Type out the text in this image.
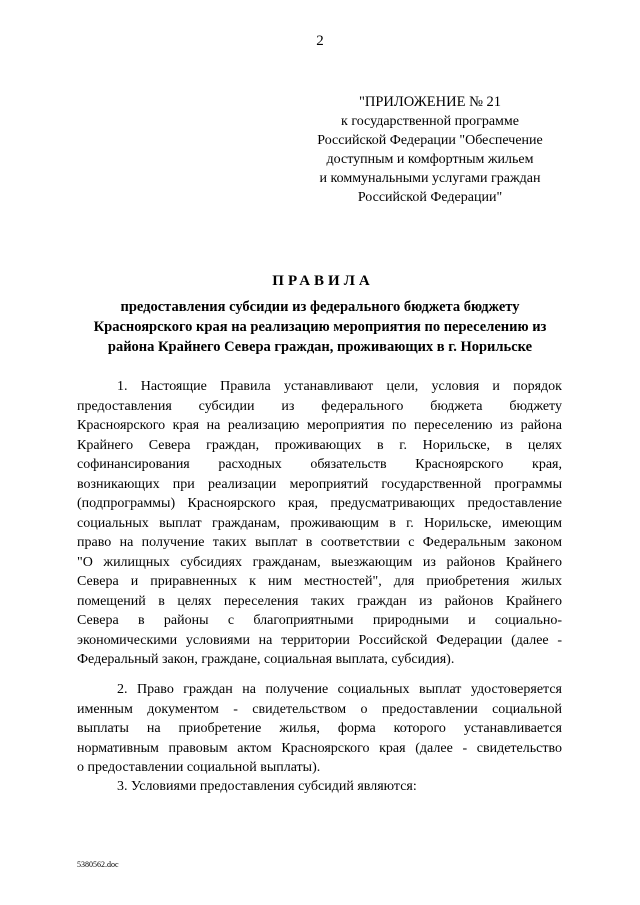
2
"ПРИЛОЖЕНИЕ № 21
к государственной программе
Российской Федерации "Обеспечение
доступным и комфортным жильем
и коммунальными услугами граждан
Российской Федерации"
ПРАВИЛА
предоставления субсидии из федерального бюджета бюджету
Красноярского края на реализацию мероприятия по переселению из
района Крайнего Севера граждан, проживающих в г. Норильске
1. Настоящие Правила устанавливают цели, условия и порядок
предоставления субсидии из федерального бюджета бюджету
Красноярского края на реализацию мероприятия по переселению из района
Крайнего Севера граждан, проживающих в г. Норильске, в целях
софинансирования расходных обязательств Красноярского края,
возникающих при реализации мероприятий государственной программы
(подпрограммы) Красноярского края, предусматривающих предоставление
социальных выплат гражданам, проживающим в г. Норильске, имеющим
право на получение таких выплат в соответствии с Федеральным законом
"О жилищных субсидиях гражданам, выезжающим из районов Крайнего
Севера и приравненных к ним местностей", для приобретения жилых
помещений в целях переселения таких граждан из районов Крайнего
Севера в районы с благоприятными природными и социально-
экономическими условиями на территории Российской Федерации (далее -
Федеральный закон, граждане, социальная выплата, субсидия).
2. Право граждан на получение социальных выплат удостоверяется
именным документом - свидетельством о предоставлении социальной
выплаты на приобретение жилья, форма которого устанавливается
нормативным правовым актом Красноярского края (далее - свидетельство
о предоставлении социальной выплаты).
3. Условиями предоставления субсидий являются:
5380562.doc
